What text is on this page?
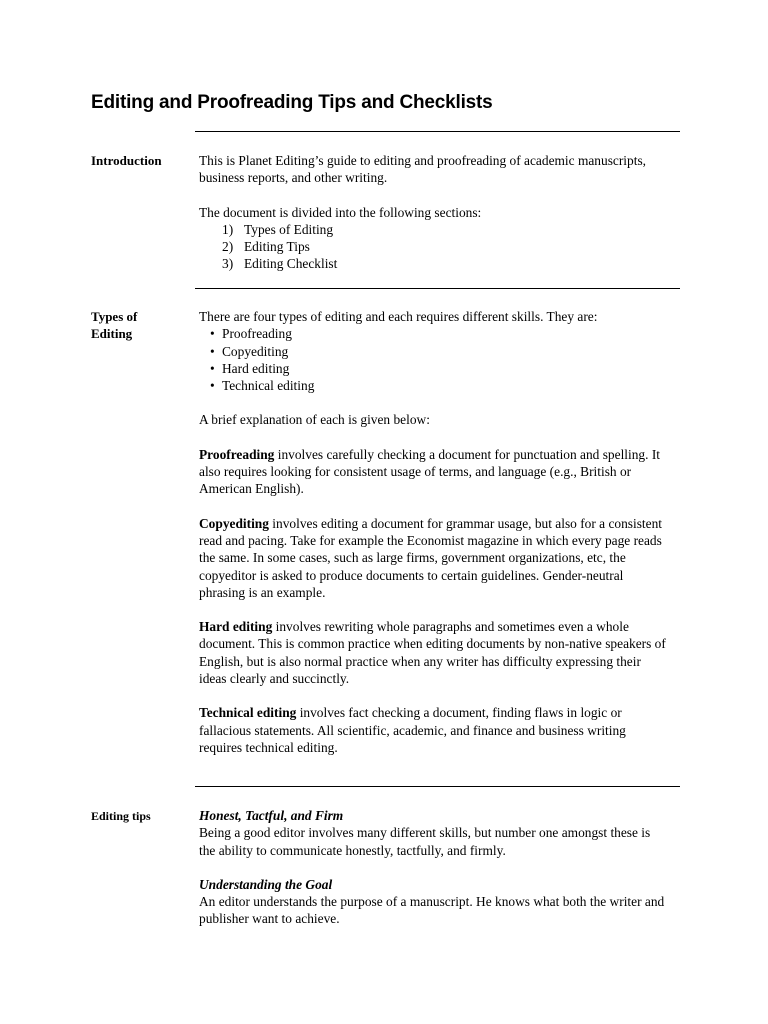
Editing and Proofreading Tips and Checklists
Introduction	This is Planet Editing’s guide to editing and proofreading of academic manuscripts, business reports, and other writing.

The document is divided into the following sections:

1) Types of Editing
2) Editing Tips
3) Editing Checklist
Types of
Editing

There are four types of editing and each requires different skills. They are:

• Proofreading
• Copyediting
• Hard editing
• Technical editing

A brief explanation of each is given below:

Proofreading involves carefully checking a document for punctuation and spelling. It also requires looking for consistent usage of terms, and language (e.g., British or American English).

Copyediting involves editing a document for grammar usage, but also for a consistent read and pacing. Take for example the Economist magazine in which every page reads the same. In some cases, such as large firms, government organizations, etc, the copyeditor is asked to produce documents to certain guidelines. Gender-neutral phrasing is an example.

Hard editing involves rewriting whole paragraphs and sometimes even a whole document. This is common practice when editing documents by non-native speakers of English, but is also normal practice when any writer has difficulty expressing their ideas clearly and succinctly.

Technical editing involves fact checking a document, finding flaws in logic or fallacious statements. All scientific, academic, and finance and business writing requires technical editing.

Editing tips	Honest, Tactful, and Firm

Being a good editor involves many different skills, but number one amongst these is the ability to communicate honestly, tactfully, and firmly.

Understanding the Goal

An editor understands the purpose of a manuscript. He knows what both the writer and publisher want to achieve.
